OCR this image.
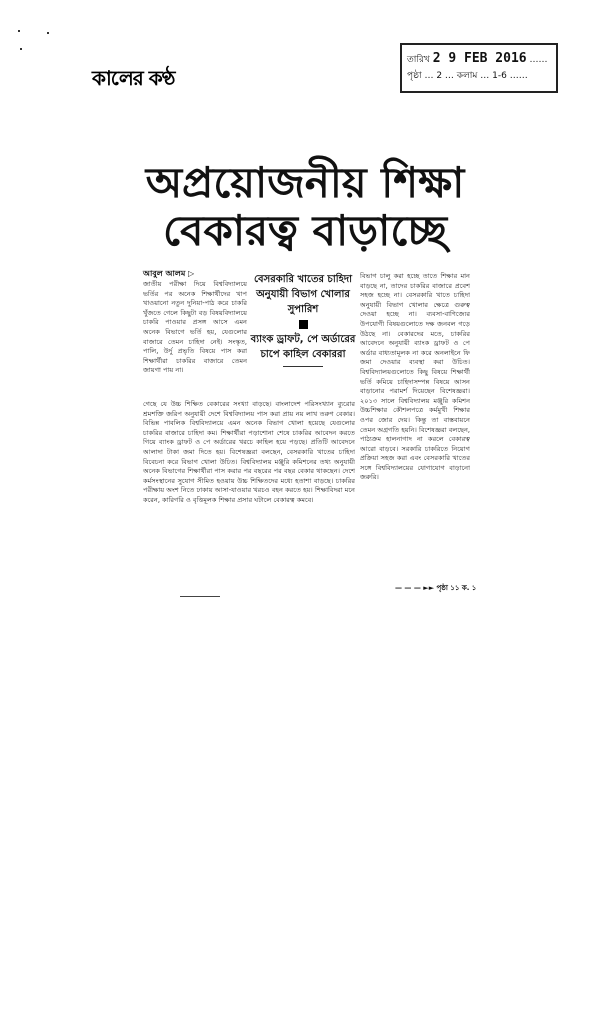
কালের কণ্ঠ
তারিখ 2 9 FEB 2016 ……
পৃষ্ঠা … 2 … কলাম … 1-6 ……
অপ্রয়োজনীয় শিক্ষা
বেকারত্ব বাড়াচ্ছে
আবুল আলম ▷
জাতীয় পরীক্ষা দিয়ে বিশ্ববিদ্যালয়ে ভর্তির পর অনেক শিক্ষার্থীদের খাপ খাওয়ানো নতুন দুনিয়া-পাঠ করে চাকরি খুঁজতে গেলে কিছুটা বড় বিষয়বিদ্যালয়ে চাকরি পাওয়ার প্রসঙ্গ আসে এমন অনেক বিভাগে ভর্তি হয়, যেগুলোর বাজারে তেমন চাহিদা নেই। সংস্কৃত, পালি, উর্দু প্রভৃতি বিষয়ে পাস করা শিক্ষার্থীরা চাকরির বাজারে তেমন জায়গা পায় না।
বেসরকারি খাতের চাহিদা অনুযায়ী বিভাগ খোলার সুপারিশ
ব্যাংক ড্রাফট, পে অর্ডারের চাপে কাহিল বেকাররা
গেছে যে উচ্চ শিক্ষিত বেকারের সংখ্যা বাড়ছে। বাংলাদেশ পরিসংখ্যান ব্যুরোর শ্রমশক্তি জরিপ অনুযায়ী দেশে বিশ্ববিদ্যালয় পাস করা প্রায় নয় লাখ তরুণ বেকার। বিভিন্ন পাবলিক বিশ্ববিদ্যালয়ে এমন অনেক বিভাগ খোলা হয়েছে যেগুলোর চাকরির বাজারে চাহিদা কম। শিক্ষার্থীরা পড়াশোনা শেষে চাকরির আবেদন করতে গিয়ে ব্যাংক ড্রাফট ও পে অর্ডারের খরচে কাহিল হয়ে পড়ছে। প্রতিটি আবেদনে আলাদা টাকা জমা দিতে হয়। বিশেষজ্ঞরা বলছেন, বেসরকারি খাতের চাহিদা বিবেচনা করে বিভাগ খোলা উচিত। বিশ্ববিদ্যালয় মঞ্জুরি কমিশনের তথ্য অনুযায়ী অনেক বিভাগের শিক্ষার্থীরা পাস করার পর বছরের পর বছর বেকার থাকছেন। দেশে কর্মসংস্থানের সুযোগ সীমিত হওয়ায় উচ্চ শিক্ষিতদের মধ্যে হতাশা বাড়ছে। চাকরির পরীক্ষায় অংশ নিতে ঢাকায় আসা-যাওয়ার খরচও বহন করতে হয়। শিক্ষাবিদরা মনে করেন, কারিগরি ও বৃত্তিমূলক শিক্ষার প্রসার ঘটালে বেকারত্ব কমবে।
বিভাগ চালু করা হচ্ছে তাতে শিক্ষার মান বাড়ছে না, তাদের চাকরির বাজারে প্রবেশ সহজ হচ্ছে না। বেসরকারি খাতে চাহিদা অনুযায়ী বিভাগ খোলার ক্ষেত্রে গুরুত্ব দেওয়া হচ্ছে না। ব্যবসা-বাণিজ্যের উপযোগী বিষয়গুলোতে দক্ষ জনবল গড়ে উঠছে না। বেকারদের মতে, চাকরির আবেদনে অনুযায়ী ব্যাংক ড্রাফট ও পে অর্ডার বাধ্যতামূলক না করে অনলাইনে ফি জমা দেওয়ার ব্যবস্থা করা উচিত। বিশ্ববিদ্যালয়গুলোতে কিছু বিষয়ে শিক্ষার্থী ভর্তি কমিয়ে চাহিদাসম্পন্ন বিষয়ে আসন বাড়ানোর পরামর্শ দিয়েছেন বিশেষজ্ঞরা। ২০১৩ সালে বিশ্ববিদ্যালয় মঞ্জুরি কমিশন উচ্চশিক্ষার কৌশলপত্রে কর্মমুখী শিক্ষার ওপর জোর দেয়। কিন্তু তা বাস্তবায়নে তেমন অগ্রগতি হয়নি। বিশেষজ্ঞরা বলছেন, পাঠ্যক্রম হালনাগাদ না করলে বেকারত্ব আরো বাড়বে। সরকারি চাকরিতে নিয়োগ প্রক্রিয়া সহজ করা এবং বেসরকারি খাতের সঙ্গে বিশ্ববিদ্যালয়ের যোগাযোগ বাড়ানো জরুরি।
— — — ►► পৃষ্ঠা ১১ ক. ১
